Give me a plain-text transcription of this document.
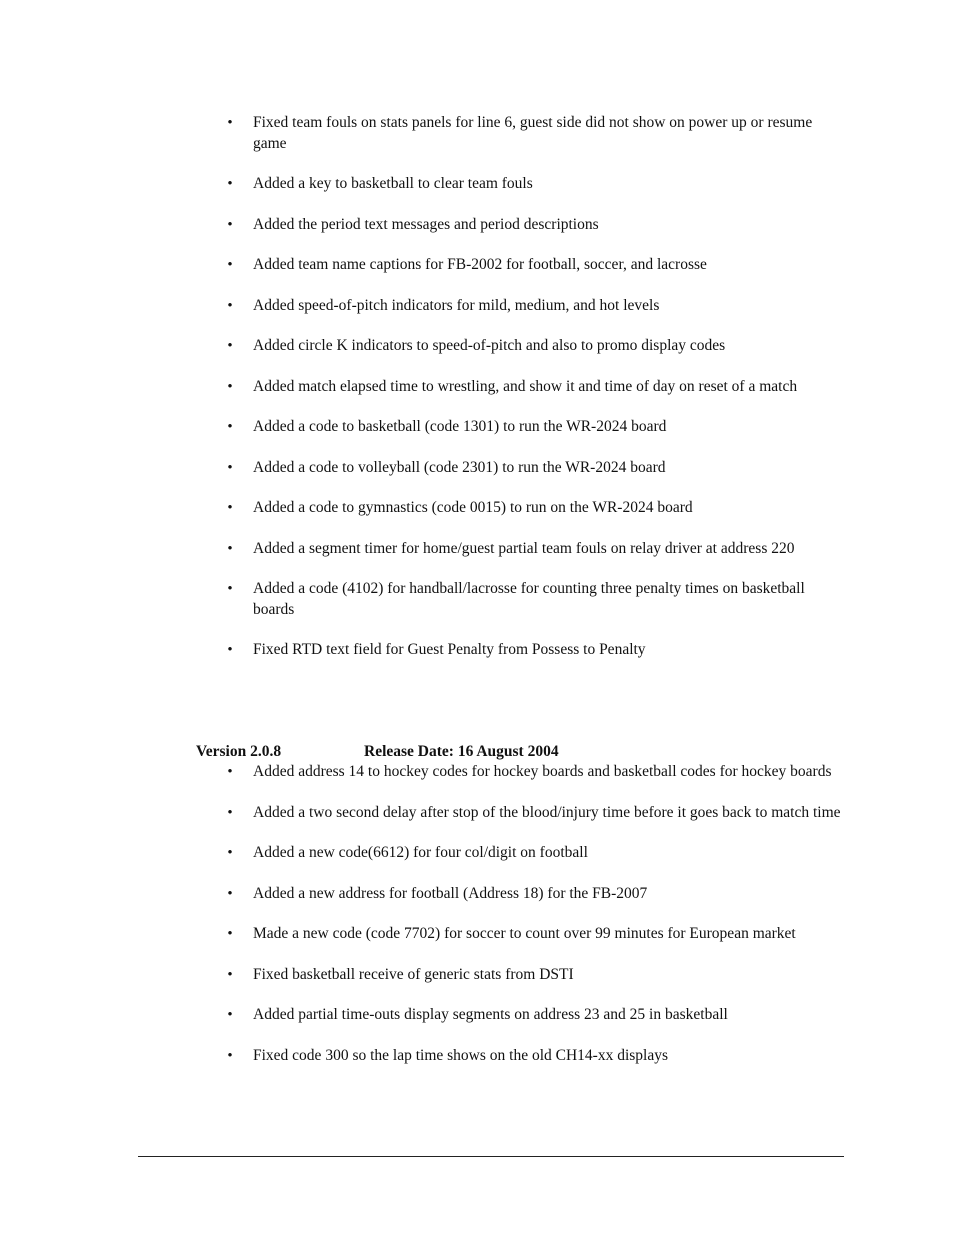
• Fixed team fouls on stats panels for line 6, guest side did not show on power up or resume game
• Added a key to basketball to clear team fouls
• Added the period text messages and period descriptions
• Added team name captions for FB-2002 for football, soccer, and lacrosse
• Added speed-of-pitch indicators for mild, medium, and hot levels
• Added circle K indicators to speed-of-pitch and also to promo display codes
• Added match elapsed time to wrestling, and show it and time of day on reset of a match
• Added a code to basketball (code 1301) to run the WR-2024 board
• Added a code to volleyball (code 2301) to run the WR-2024 board
• Added a code to gymnastics (code 0015) to run on the WR-2024 board
• Added a segment timer for home/guest partial team fouls on relay driver at address 220
• Added a code (4102) for handball/lacrosse for counting three penalty times on basketball boards
• Fixed RTD text field for Guest Penalty from Possess to Penalty
Version 2.0.8	Release Date: 16 August 2004
• Added address 14 to hockey codes for hockey boards and basketball codes for hockey boards
• Added a two second delay after stop of the blood/injury time before it goes back to match time
• Added a new code(6612) for four col/digit on football
• Added a new address for football (Address 18) for the FB-2007
• Made a new code (code 7702) for soccer to count over 99 minutes for European market
• Fixed basketball receive of generic stats from DSTI
• Added partial time-outs display segments on address 23 and 25 in basketball
• Fixed code 300 so the lap time shows on the old CH14-xx displays
